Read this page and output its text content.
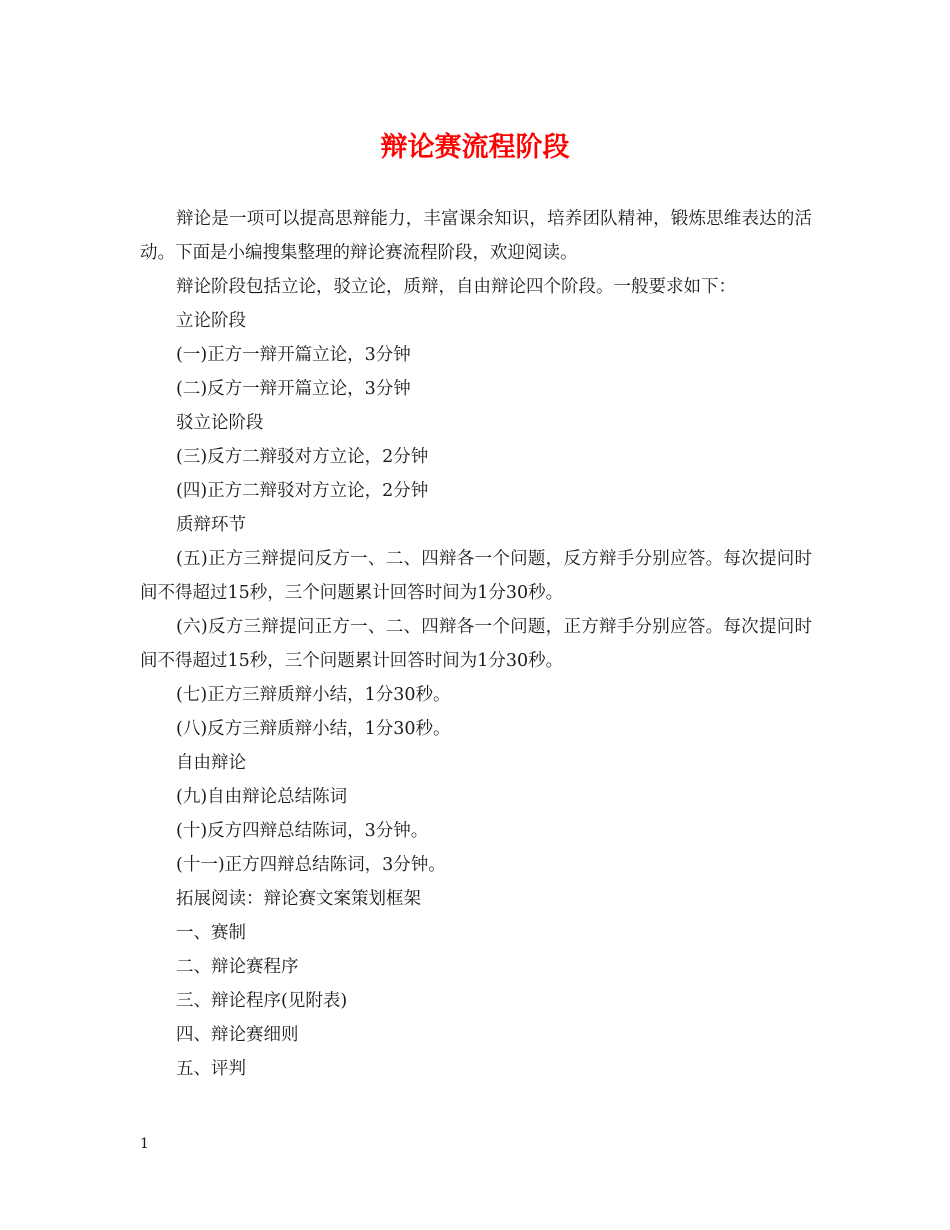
辩论赛流程阶段

辩论是一项可以提高思辩能力，丰富课余知识，培养团队精神，锻炼思维表达的活动。下面是小编搜集整理的辩论赛流程阶段，欢迎阅读。

辩论阶段包括立论，驳立论，质辩，自由辩论四个阶段。一般要求如下：

立论阶段

(一)正方一辩开篇立论，3分钟

(二)反方一辩开篇立论，3分钟

驳立论阶段

(三)反方二辩驳对方立论，2分钟

(四)正方二辩驳对方立论，2分钟

质辩环节

(五)正方三辩提问反方一、二、四辩各一个问题，反方辩手分别应答。每次提问时间不得超过15秒，三个问题累计回答时间为1分30秒。

(六)反方三辩提问正方一、二、四辩各一个问题，正方辩手分别应答。每次提问时间不得超过15秒，三个问题累计回答时间为1分30秒。

(七)正方三辩质辩小结，1分30秒。

(八)反方三辩质辩小结，1分30秒。

自由辩论

(九)自由辩论总结陈词

(十)反方四辩总结陈词，3分钟。

(十一)正方四辩总结陈词，3分钟。

拓展阅读：辩论赛文案策划框架

一、赛制

二、辩论赛程序

三、辩论程序(见附表)

四、辩论赛细则

五、评判

1
